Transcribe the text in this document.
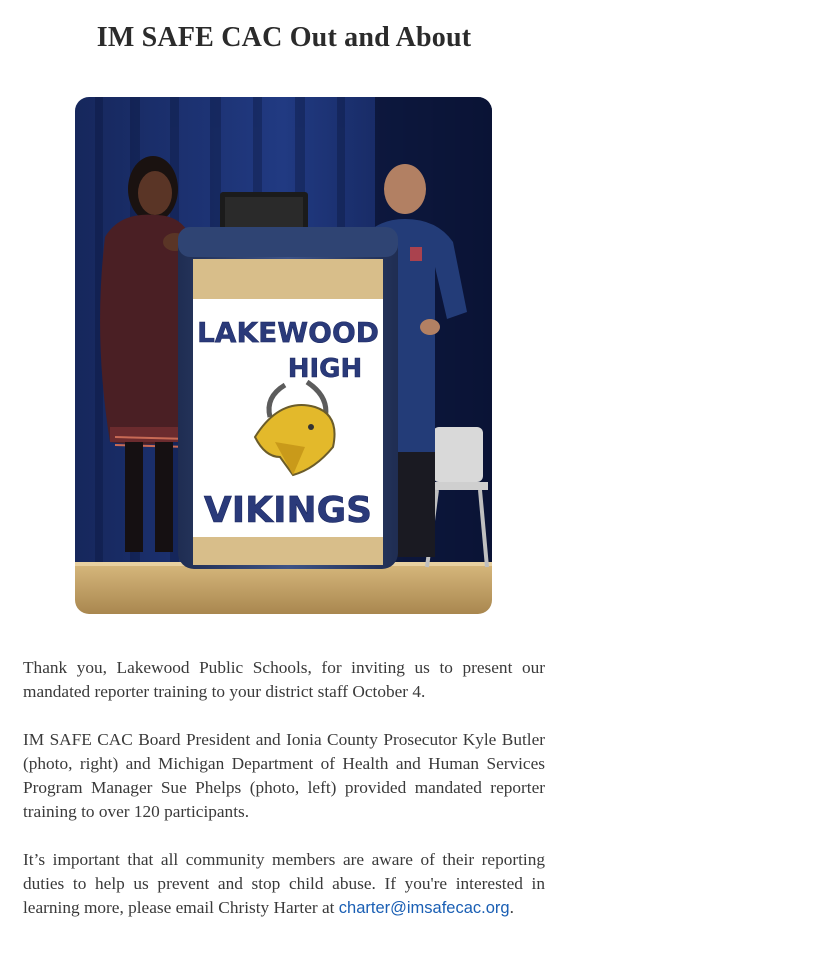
IM SAFE CAC Out and About
LAKEWOOD
HIGH
VIKINGS

Thank you, Lakewood Public Schools, for inviting us to present our mandated reporter training to your district staff October 4.

IM SAFE CAC Board President and Ionia County Prosecutor Kyle Butler (photo, right) and Michigan Department of Health and Human Services Program Manager Sue Phelps (photo, left) provided mandated reporter training to over 120 participants.

It’s important that all community members are aware of their reporting duties to help us prevent and stop child abuse. If you're interested in learning more, please email Christy Harter at charter@imsafecac.org.
